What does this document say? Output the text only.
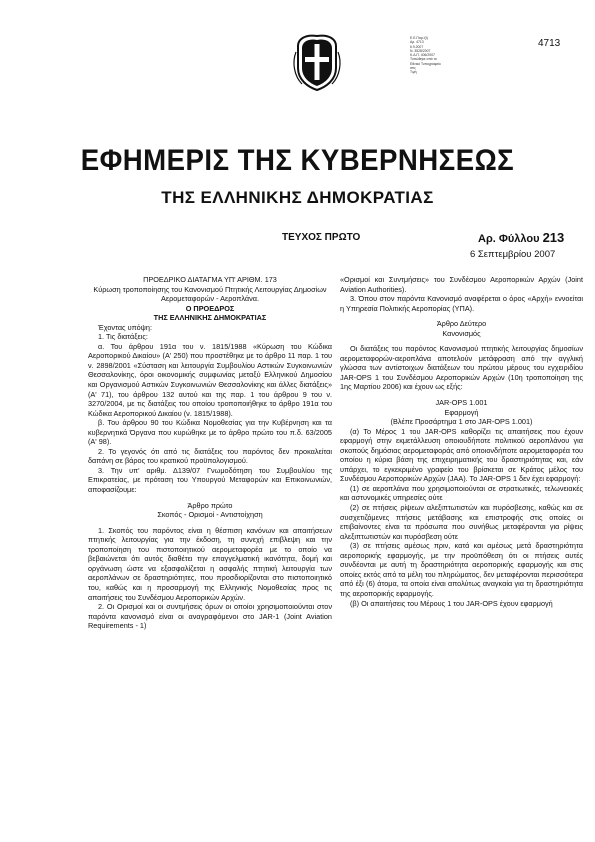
Ε.Ε.Παρ.Ι(Ι)
Αρ. 4713
6.9.2007
Ν. 3528/2007
Κ.Δ.Π. 406/2007
Τυπώθηκε από το
Εθνικό Τυπογραφείο
στις
Τιμή
4713
ΕΦΗΜΕΡΙΣ ΤΗΣ ΚΥΒΕΡΝΗΣΕΩΣ
ΤΗΣ ΕΛΛΗΝΙΚΗΣ ΔΗΜΟΚΡΑΤΙΑΣ
ΤΕΥΧΟΣ ΠΡΩΤΟ	Αρ. Φύλλου 213
6 Σεπτεμβρίου 2007

ΠΡΟΕΔΡΙΚΟ ΔΙΑΤΑΓΜΑ ΥΠ' ΑΡΙΘΜ. 173

Κύρωση τροποποίησης του Κανονισμού Πτητικής Λειτουργίας Δημοσίων Αερομεταφορών - Αεροπλάνα.

Ο ΠΡΟΕΔΡΟΣ

ΤΗΣ ΕΛΛΗΝΙΚΗΣ ΔΗΜΟΚΡΑΤΙΑΣ

Έχοντας υπόψη:

1. Τις διατάξεις:

α. Του άρθρου 191α του ν. 1815/1988 «Κύρωση του Κώδικα Αεροπορικού Δικαίου» (Α' 250) που προστέθηκε με το άρθρο 11 παρ. 1 του ν. 2898/2001 «Σύσταση και λειτουργία Συμβουλίου Αστικών Συγκοινωνιών Θεσσαλονίκης, όροι οικονομικής συμφωνίας μεταξύ Ελληνικού Δημοσίου και Οργανισμού Αστικών Συγκοινωνιών Θεσσαλονίκης και άλλες διατάξεις» (Α' 71), του άρθρου 132 αυτού και της παρ. 1 του άρθρου 9 του ν. 3270/2004, με τις διατάξεις του οποίου τροποποιήθηκε το άρθρο 191α του Κώδικα Αεροπορικού Δικαίου (ν. 1815/1988).

β. Του άρθρου 90 του Κώδικα Νομοθεσίας για την Κυβέρνηση και τα κυβερνητικά Όργανα που κυρώθηκε με το άρθρο πρώτο του π.δ. 63/2005 (Α' 98).

2. Το γεγονός ότι από τις διατάξεις του παρόντος δεν προκαλείται δαπάνη σε βάρος του κρατικού προϋπολογισμού.

3. Την υπ' αριθμ. Δ139/07 Γνωμοδότηση του Συμβουλίου της Επικρατείας, με πρόταση του Υπουργού Μεταφορών και Επικοινωνιών, αποφασίζουμε:

Άρθρο πρώτο

Σκοπός - Ορισμοί - Αντιστοίχηση

1. Σκοπός του παρόντος είναι η θέσπιση κανόνων και απαιτήσεων πτητικής λειτουργίας για την έκδοση, τη συνεχή επιβλεψη και την τροποποίηση του πιστοποιητικού αερομεταφορέα με το οποίο να βεβαιώνεται ότι αυτός διαθέτει την επαγγελματική ικανότητα, δομή και οργάνωση ώστε να εξασφαλίζεται η ασφαλής πτητική λειτουργία των αεροπλάνων σε δραστηριότητες, που προσδιορίζονται στο πιστοποιητικό του, καθώς και η προσαρμογή της Ελληνικής Νομοθεσίας προς τις απαιτήσεις του Συνδέσμου Αεροπορικών Αρχών.

2. Οι Ορισμοί και οι συντμήσεις όρων οι οποίοι χρησιμοποιούνται στον παρόντα κανονισμό είναι οι αναγραφόμενοι στο JAR-1 (Joint Aviation Requirements - 1)

«Ορισμοί και Συντμήσεις» του Συνδέσμου Αεροπορικών Αρχών (Joint Aviation Authorities).

3. Όπου στον παρόντα Κανονισμό αναφέρεται ο όρος «Αρχή» εννοείται η Υπηρεσία Πολιτικής Αεροπορίας (ΥΠΑ).

Άρθρο Δεύτερο

Κανονισμός

Οι διατάξεις του παρόντος Κανονισμού πτητικής λειτουργίας δημοσίων αερομεταφορών-αεροπλάνα αποτελούν μετάφραση από την αγγλική γλώσσα των αντίστοιχων διατάξεων του πρώτου μέρους του εγχειριδίου JAR-OPS 1 του Συνδέσμου Αεροπορικών Αρχών (10η τροποποίηση της 1ης Μαρτίου 2006) και έχουν ως εξής:

JAR-OPS 1.001

Εφαρμογή

(Βλέπε Προσάρτημα 1 στο JAR-OPS 1.001)

(α) Το Μέρος 1 του JAR-OPS καθορίζει τις απαιτήσεις που έχουν εφαρμογή στην εκμετάλλευση οποιουδήποτε πολιτικού αεροπλάνου για σκοπούς δημόσιας αερομεταφοράς από οποιονδήποτε αερομεταφορέα του οποίου η κύρια βάση της επιχειρηματικής του δραστηριότητας και, εάν υπάρχει, το εγκεκριμένο γραφείο του βρίσκεται σε Κράτος μέλος του Συνδέσμου Αεροπορικών Αρχών (JAA). Το JAR-OPS 1 δεν έχει εφαρμογή:

(1) σε αεροπλάνα που χρησιμοποιούνται σε στρατιωτικές, τελωνειακές και αστυνομικές υπηρεσίες ούτε

(2) σε πτήσεις ρίψεων αλεξιπτωτιστών και πυρόσβεσης, καθώς και σε συσχετιζόμενες πτήσεις μετάβασης και επιστροφής στις οποίες οι επιβαίνοντες είναι τα πρόσωπα που συνήθως μεταφέρονται για ρίψεις αλεξιπτωτιστών και πυρόσβεση ούτε

(3) σε πτήσεις αμέσως πριν, κατά και αμέσως μετά δραστηριότητα αεροπορικής εφαρμογής, με την προϋπόθεση ότι οι πτήσεις αυτές συνδέονται με αυτή τη δραστηριότητα αεροπορικής εφαρμογής και στις οποίες εκτός από τα μέλη του πληρώματος, δεν μεταφέρονται περισσότερα από έξι (6) άτομα, τα οποία είναι απολύτως αναγκαία για τη δραστηριότητα της αεροπορικής εφαρμογής.

(β) Οι απαιτήσεις του Μέρους 1 του JAR-OPS έχουν εφαρμογή
